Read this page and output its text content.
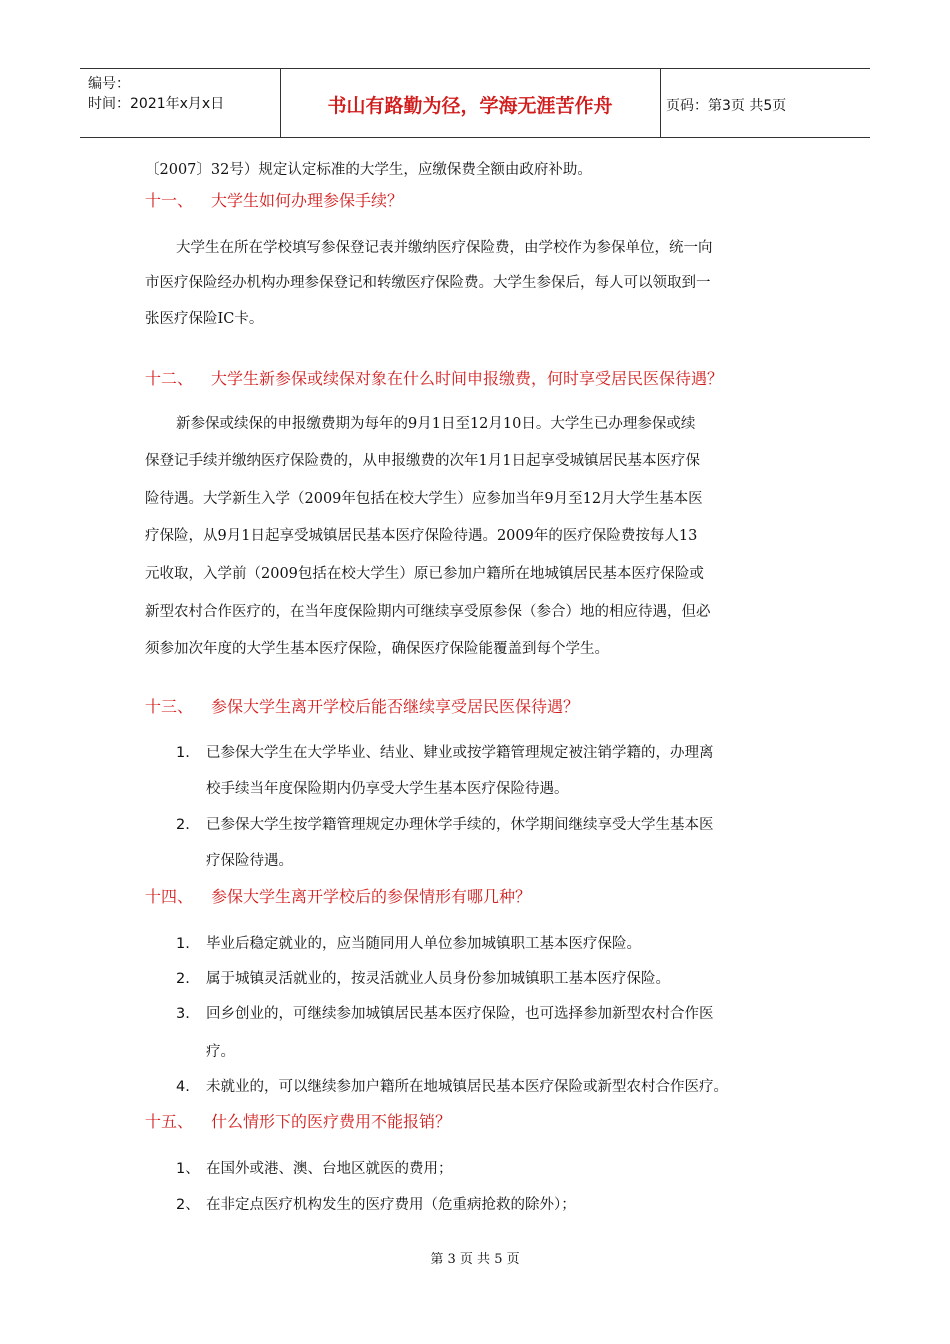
编号：
时间：2021年x月x日	书山有路勤为径，学海无涯苦作舟	页码：第3页 共5页
〔2007〕32号）规定认定标准的大学生，应缴保费全额由政府补助。
十一、 大学生如何办理参保手续？
大学生在所在学校填写参保登记表并缴纳医疗保险费，由学校作为参保单位，统一向
市医疗保险经办机构办理参保登记和转缴医疗保险费。大学生参保后，每人可以领取到一
张医疗保险IC卡。
十二、 大学生新参保或续保对象在什么时间申报缴费，何时享受居民医保待遇？
新参保或续保的申报缴费期为每年的9月1日至12月10日。大学生已办理参保或续
保登记手续并缴纳医疗保险费的，从申报缴费的次年1月1日起享受城镇居民基本医疗保
险待遇。大学新生入学（2009年包括在校大学生）应参加当年9月至12月大学生基本医
疗保险，从9月1日起享受城镇居民基本医疗保险待遇。2009年的医疗保险费按每人13
元收取，入学前（2009包括在校大学生）原已参加户籍所在地城镇居民基本医疗保险或
新型农村合作医疗的，在当年度保险期内可继续享受原参保（参合）地的相应待遇，但必
须参加次年度的大学生基本医疗保险，确保医疗保险能覆盖到每个学生。
十三、 参保大学生离开学校后能否继续享受居民医保待遇？
1. 已参保大学生在大学毕业、结业、肄业或按学籍管理规定被注销学籍的，办理离
校手续当年度保险期内仍享受大学生基本医疗保险待遇。
2. 已参保大学生按学籍管理规定办理休学手续的，休学期间继续享受大学生基本医
疗保险待遇。
十四、 参保大学生离开学校后的参保情形有哪几种？
1. 毕业后稳定就业的，应当随同用人单位参加城镇职工基本医疗保险。
2. 属于城镇灵活就业的，按灵活就业人员身份参加城镇职工基本医疗保险。
3. 回乡创业的，可继续参加城镇居民基本医疗保险，也可选择参加新型农村合作医
疗。
4. 未就业的，可以继续参加户籍所在地城镇居民基本医疗保险或新型农村合作医疗。
十五、 什么情形下的医疗费用不能报销？
1、 在国外或港、澳、台地区就医的费用；
2、 在非定点医疗机构发生的医疗费用（危重病抢救的除外）；
第 3 页 共 5 页
